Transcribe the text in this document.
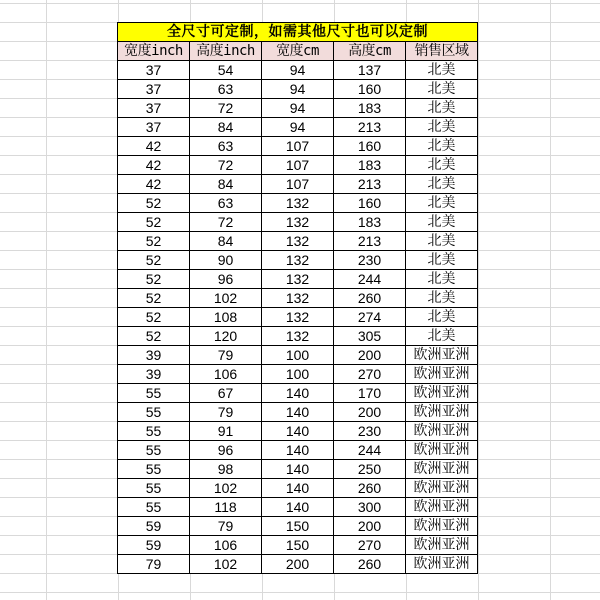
全尺寸可定制，如需其他尺寸也可以定制				
宽度inch	高度inch	宽度cm	高度cm	销售区域
37	54	94	137	北美
37	63	94	160	北美
37	72	94	183	北美
37	84	94	213	北美
42	63	107	160	北美
42	72	107	183	北美
42	84	107	213	北美
52	63	132	160	北美
52	72	132	183	北美
52	84	132	213	北美
52	90	132	230	北美
52	96	132	244	北美
52	102	132	260	北美
52	108	132	274	北美
52	120	132	305	北美
39	79	100	200	欧洲亚洲
39	106	100	270	欧洲亚洲
55	67	140	170	欧洲亚洲
55	79	140	200	欧洲亚洲
55	91	140	230	欧洲亚洲
55	96	140	244	欧洲亚洲
55	98	140	250	欧洲亚洲
55	102	140	260	欧洲亚洲
55	118	140	300	欧洲亚洲
59	79	150	200	欧洲亚洲
59	106	150	270	欧洲亚洲
79	102	200	260	欧洲亚洲
